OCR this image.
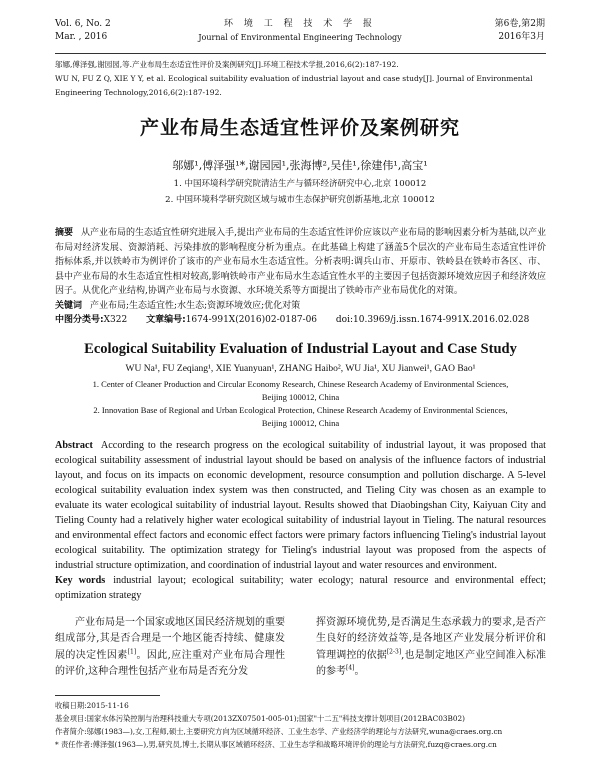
Vol. 6, No. 2
Mar. , 2016
环 境 工 程 技 术 学 报
Journal of Environmental Engineering Technology
第6卷,第2期
2016年3月
邬娜,傅泽强,谢园园,等.产业布局生态适宜性评价及案例研究[J].环境工程技术学报,2016,6(2):187-192.
WU N, FU Z Q, XIE Y Y, et al. Ecological suitability evaluation of industrial layout and case study[J]. Journal of Environmental Engineering Technology,2016,6(2):187-192.
产业布局生态适宜性评价及案例研究
邬娜¹,傅泽强¹*,谢园园¹,张海博²,吴佳¹,徐建伟¹,高宝¹
1. 中国环境科学研究院清洁生产与循环经济研究中心,北京 100012
2. 中国环境科学研究院区域与城市生态保护研究创新基地,北京 100012
摘要 从产业布局的生态适宜性研究进展入手,提出产业布局的生态适宜性评价应该以产业布局的影响因素分析为基础,以产业布局对经济发展、资源消耗、污染排放的影响程度分析为重点。在此基础上构建了涵盖5个层次的产业布局生态适宜性评价指标体系,并以铁岭市为例评价了该市的产业布局水生态适宜性。分析表明:调兵山市、开原市、铁岭县在铁岭市各区、市、县中产业布局的水生态适宜性相对较高,影响铁岭市产业布局水生态适宜性水平的主要因子包括资源环境效应因子和经济效应因子。从优化产业结构,协调产业布局与水资源、水环境关系等方面提出了铁岭市产业布局优化的对策。
关键词 产业布局;生态适宜性;水生态;资源环境效应;优化对策
中图分类号:X322 文章编号:1674-991X(2016)02-0187-06 doi:10.3969/j.issn.1674-991X.2016.02.028
Ecological Suitability Evaluation of Industrial Layout and Case Study
WU Na¹, FU Zeqiang¹, XIE Yuanyuan¹, ZHANG Haibo², WU Jia¹, XU Jianwei¹, GAO Bao¹
1. Center of Cleaner Production and Circular Economy Research, Chinese Research Academy of Environmental Sciences,
Beijing 100012, China
2. Innovation Base of Regional and Urban Ecological Protection, Chinese Research Academy of Environmental Sciences,
Beijing 100012, China
Abstract According to the research progress on the ecological suitability of industrial layout, it was proposed that ecological suitability assessment of industrial layout should be based on analysis of the influence factors of industrial layout, and focus on its impacts on economic development, resource consumption and pollution discharge. A 5-level ecological suitability evaluation index system was then constructed, and Tieling City was chosen as an example to evaluate its water ecological suitability of industrial layout. Results showed that Diaobingshan City, Kaiyuan City and Tieling County had a relatively higher water ecological suitability of industrial layout in Tieling. The natural resources and environmental effect factors and economic effect factors were primary factors influencing Tieling's industrial layout ecological suitability. The optimization strategy for Tieling's industrial layout was proposed from the aspects of industrial structure optimization, and coordination of industrial layout and water resources and environment.
Key words industrial layout; ecological suitability; water ecology; natural resource and environmental effect; optimization strategy

产业布局是一个国家或地区国民经济规划的重要组成部分,其是否合理是一个地区能否持续、健康发展的决定性因素[1]。因此,应注重对产业布局合理性的评价,这种合理性包括产业布局是否充分发

挥资源环境优势,是否满足生态承载力的要求,是否产生良好的经济效益等,是各地区产业发展分析评价和管理调控的依据[2-3],也是制定地区产业空间准入标准的参考[4]。

收稿日期:2015-11-16
基金项目:国家水体污染控制与治理科技重大专项(2013ZX07501-005-01);国家"十二五"科技支撑计划项目(2012BAC03B02)
作者简介:邬娜(1983—),女,工程师,硕士,主要研究方向为区域循环经济、工业生态学、产业经济学的理论与方法研究,wuna@craes.org.cn
* 责任作者:傅泽强(1963—),男,研究员,博士,长期从事区域循环经济、工业生态学和战略环境评价的理论与方法研究,fuzq@craes.org.cn
